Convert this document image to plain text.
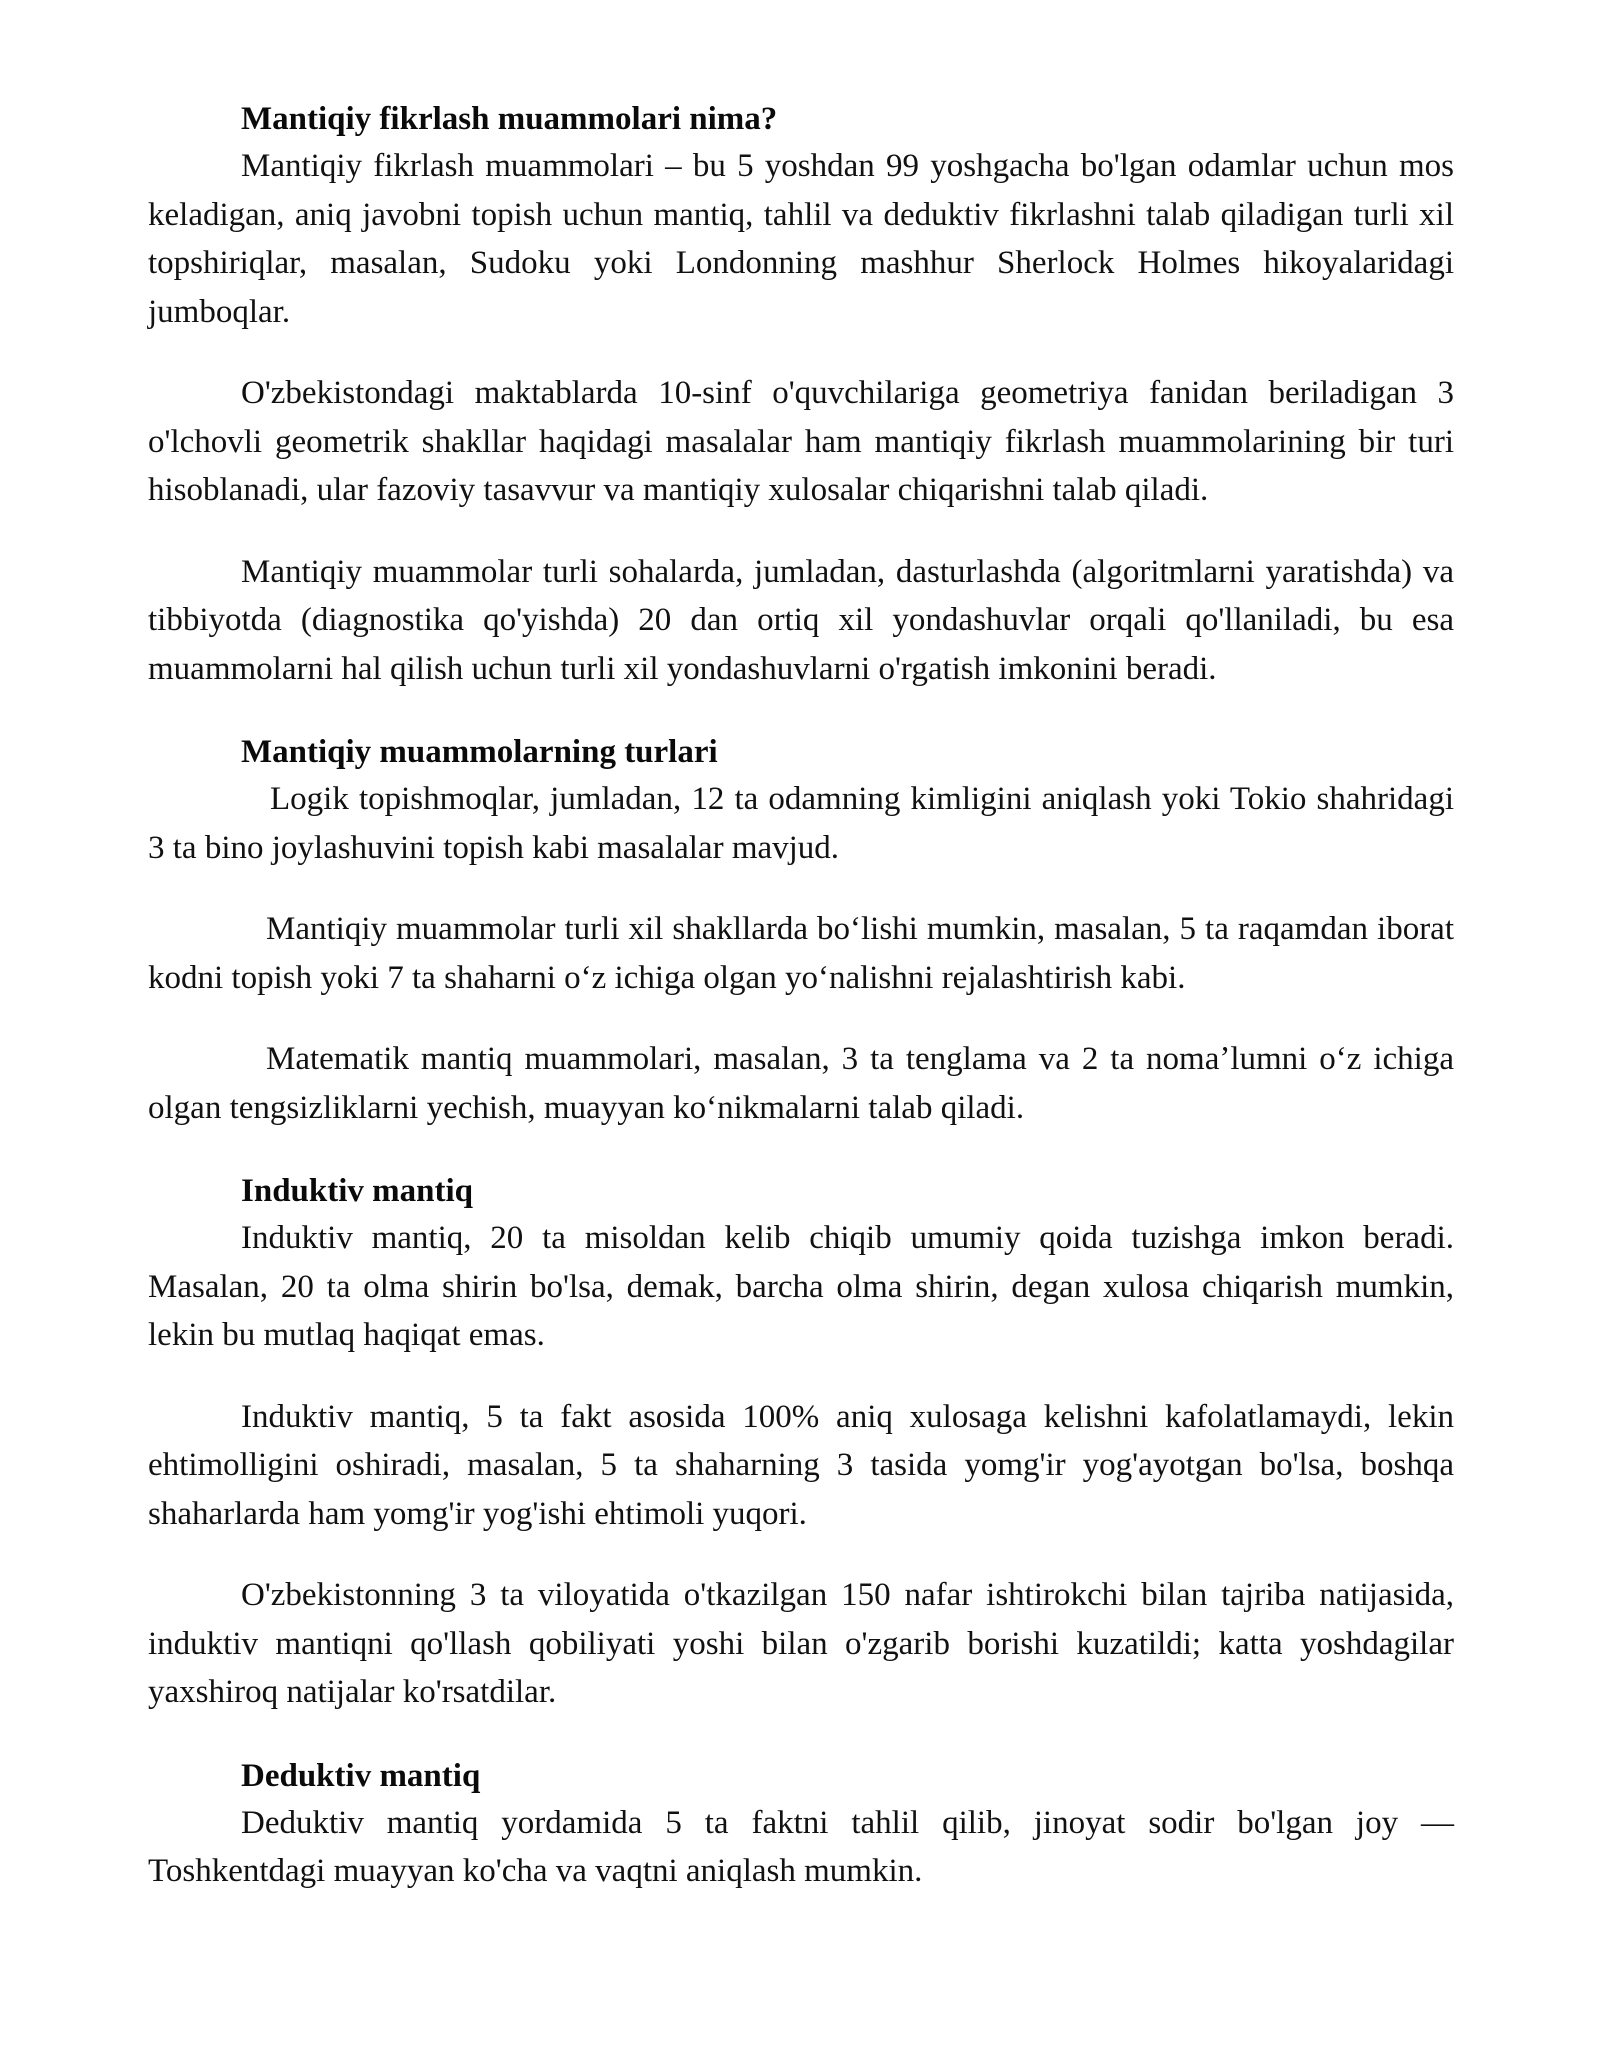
Mantiqiy fikrlash muammolari nima?

Mantiqiy fikrlash muammolari – bu 5 yoshdan 99 yoshgacha bo'lgan odamlar uchun mos keladigan, aniq javobni topish uchun mantiq, tahlil va deduktiv fikrlashni talab qiladigan turli xil topshiriqlar, masalan, Sudoku yoki Londonning mashhur Sherlock Holmes hikoyalaridagi jumboqlar.

O'zbekistondagi maktablarda 10-sinf o'quvchilariga geometriya fanidan beriladigan 3 o'lchovli geometrik shakllar haqidagi masalalar ham mantiqiy fikrlash muammolarining bir turi hisoblanadi, ular fazoviy tasavvur va mantiqiy xulosalar chiqarishni talab qiladi.

Mantiqiy muammolar turli sohalarda, jumladan, dasturlashda (algoritmlarni yaratishda) va tibbiyotda (diagnostika qo'yishda) 20 dan ortiq xil yondashuvlar orqali qo'llaniladi, bu esa muammolarni hal qilish uchun turli xil yondashuvlarni o'rgatish imkonini beradi.

Mantiqiy muammolarning turlari

Logik topishmoqlar, jumladan, 12 ta odamning kimligini aniqlash yoki Tokio shahridagi 3 ta bino joylashuvini topish kabi masalalar mavjud.

Mantiqiy muammolar turli xil shakllarda boʻlishi mumkin, masalan, 5 ta raqamdan iborat kodni topish yoki 7 ta shaharni oʻz ichiga olgan yoʻnalishni rejalashtirish kabi.

Matematik mantiq muammolari, masalan, 3 ta tenglama va 2 ta nomaʼlumni oʻz ichiga olgan tengsizliklarni yechish, muayyan koʻnikmalarni talab qiladi.

Induktiv mantiq

Induktiv mantiq, 20 ta misoldan kelib chiqib umumiy qoida tuzishga imkon beradi. Masalan, 20 ta olma shirin bo'lsa, demak, barcha olma shirin, degan xulosa chiqarish mumkin, lekin bu mutlaq haqiqat emas.

Induktiv mantiq, 5 ta fakt asosida 100% aniq xulosaga kelishni kafolatlamaydi, lekin ehtimolligini oshiradi, masalan, 5 ta shaharning 3 tasida yomg'ir yog'ayotgan bo'lsa, boshqa shaharlarda ham yomg'ir yog'ishi ehtimoli yuqori.

O'zbekistonning 3 ta viloyatida o'tkazilgan 150 nafar ishtirokchi bilan tajriba natijasida, induktiv mantiqni qo'llash qobiliyati yoshi bilan o'zgarib borishi kuzatildi; katta yoshdagilar yaxshiroq natijalar ko'rsatdilar.

Deduktiv mantiq

Deduktiv mantiq yordamida 5 ta faktni tahlil qilib, jinoyat sodir bo'lgan joy — Toshkentdagi muayyan ko'cha va vaqtni aniqlash mumkin.
